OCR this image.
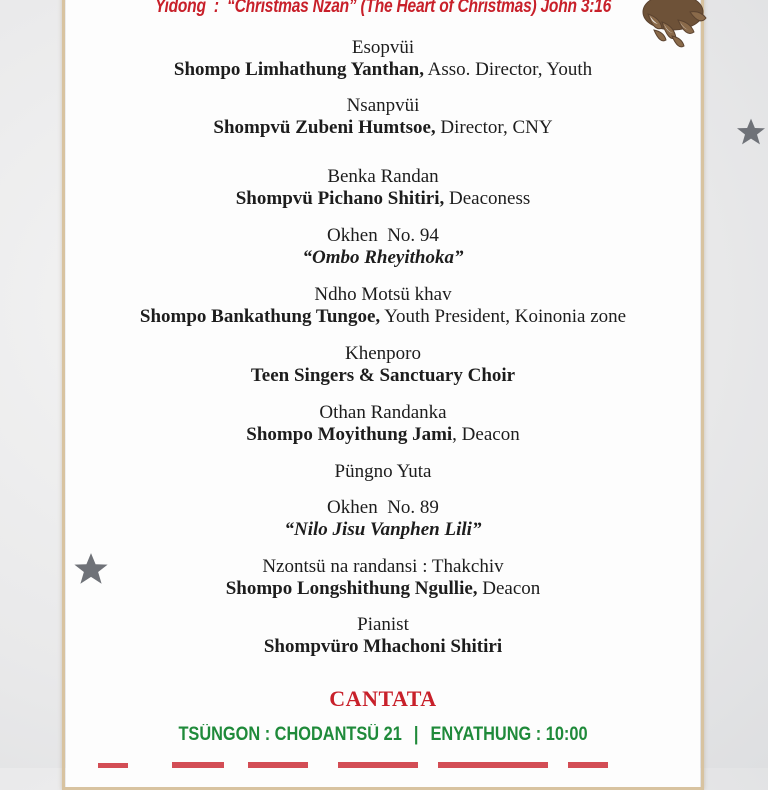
Yidong : “Christmas Nzan” (The Heart of Christmas) John 3:16
Esopvüi
Shompo Limhathung Yanthan, Asso. Director, Youth
Nsanpvüi
Shompvü Zubeni Humtsoe, Director, CNY
Benka Randan
Shompvü Pichano Shitiri, Deaconess
Okhen  No. 94
“Ombo Rheyithoka”
Ndho Motsü khav
Shompo Bankathung Tungoe, Youth President, Koinonia zone
Khenporo
Teen Singers & Sanctuary Choir
Othan Randanka
Shompo Moyithung Jami, Deacon
Püngno Yuta
Okhen  No. 89
“Nilo Jisu Vanphen Lili”
Nzontsü na randansi : Thakchiv
Shompo Longshithung Ngullie, Deacon
Pianist
Shompvüro Mhachoni Shitiri
CANTATA
TSÜNGON : CHODANTSÜ 21 | ENYATHUNG : 10:00
